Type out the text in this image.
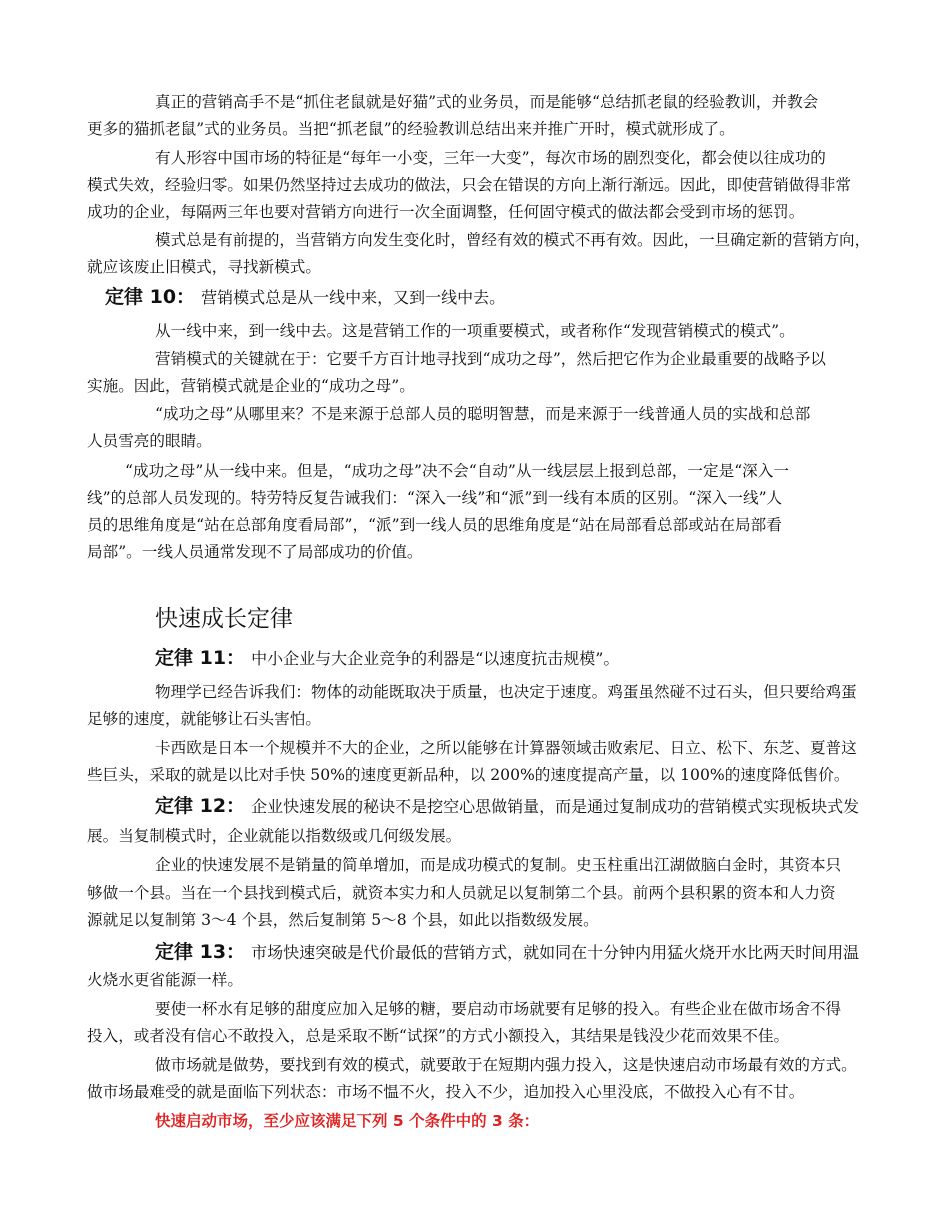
真正的营销高手不是“抓住老鼠就是好猫”式的业务员，而是能够“总结抓老鼠的经验教训，并教会

更多的猫抓老鼠”式的业务员。当把“抓老鼠”的经验教训总结出来并推广开时，模式就形成了。

有人形容中国市场的特征是“每年一小变，三年一大变”，每次市场的剧烈变化，都会使以往成功的

模式失效，经验归零。如果仍然坚持过去成功的做法，只会在错误的方向上渐行渐远。因此，即使营销做得非常

成功的企业，每隔两三年也要对营销方向进行一次全面调整，任何固守模式的做法都会受到市场的惩罚。

模式总是有前提的，当营销方向发生变化时，曾经有效的模式不再有效。因此，一旦确定新的营销方向，

就应该废止旧模式，寻找新模式。

定律 10： 营销模式总是从一线中来，又到一线中去。

从一线中来，到一线中去。这是营销工作的一项重要模式，或者称作“发现营销模式的模式”。

营销模式的关键就在于：它要千方百计地寻找到“成功之母”，然后把它作为企业最重要的战略予以

实施。因此，营销模式就是企业的“成功之母”。

“成功之母”从哪里来？不是来源于总部人员的聪明智慧，而是来源于一线普通人员的实战和总部

人员雪亮的眼睛。

“成功之母”从一线中来。但是，“成功之母”决不会“自动”从一线层层上报到总部，一定是“深入一

线”的总部人员发现的。特劳特反复告诫我们：“深入一线”和“派”到一线有本质的区别。“深入一线”人

员的思维角度是“站在总部角度看局部”，“派”到一线人员的思维角度是“站在局部看总部或站在局部看

局部”。一线人员通常发现不了局部成功的价值。

快速成长定律

定律 11： 中小企业与大企业竞争的利器是“以速度抗击规模”。

物理学已经告诉我们：物体的动能既取决于质量，也决定于速度。鸡蛋虽然碰不过石头，但只要给鸡蛋

足够的速度，就能够让石头害怕。

卡西欧是日本一个规模并不大的企业，之所以能够在计算器领域击败索尼、日立、松下、东芝、夏普这

些巨头，采取的就是以比对手快 50%的速度更新品种，以 200%的速度提高产量，以 100%的速度降低售价。

定律 12： 企业快速发展的秘诀不是挖空心思做销量，而是通过复制成功的营销模式实现板块式发

展。当复制模式时，企业就能以指数级或几何级发展。

企业的快速发展不是销量的简单增加，而是成功模式的复制。史玉柱重出江湖做脑白金时，其资本只

够做一个县。当在一个县找到模式后，就资本实力和人员就足以复制第二个县。前两个县积累的资本和人力资

源就足以复制第 3～4 个县，然后复制第 5～8 个县，如此以指数级发展。

定律 13： 市场快速突破是代价最低的营销方式，就如同在十分钟内用猛火烧开水比两天时间用温

火烧水更省能源一样。

要使一杯水有足够的甜度应加入足够的糖，要启动市场就要有足够的投入。有些企业在做市场舍不得

投入，或者没有信心不敢投入，总是采取不断“试探”的方式小额投入，其结果是钱没少花而效果不佳。

做市场就是做势，要找到有效的模式，就要敢于在短期内强力投入，这是快速启动市场最有效的方式。

做市场最难受的就是面临下列状态：市场不愠不火，投入不少，追加投入心里没底，不做投入心有不甘。

快速启动市场，至少应该满足下列 5 个条件中的 3 条：
